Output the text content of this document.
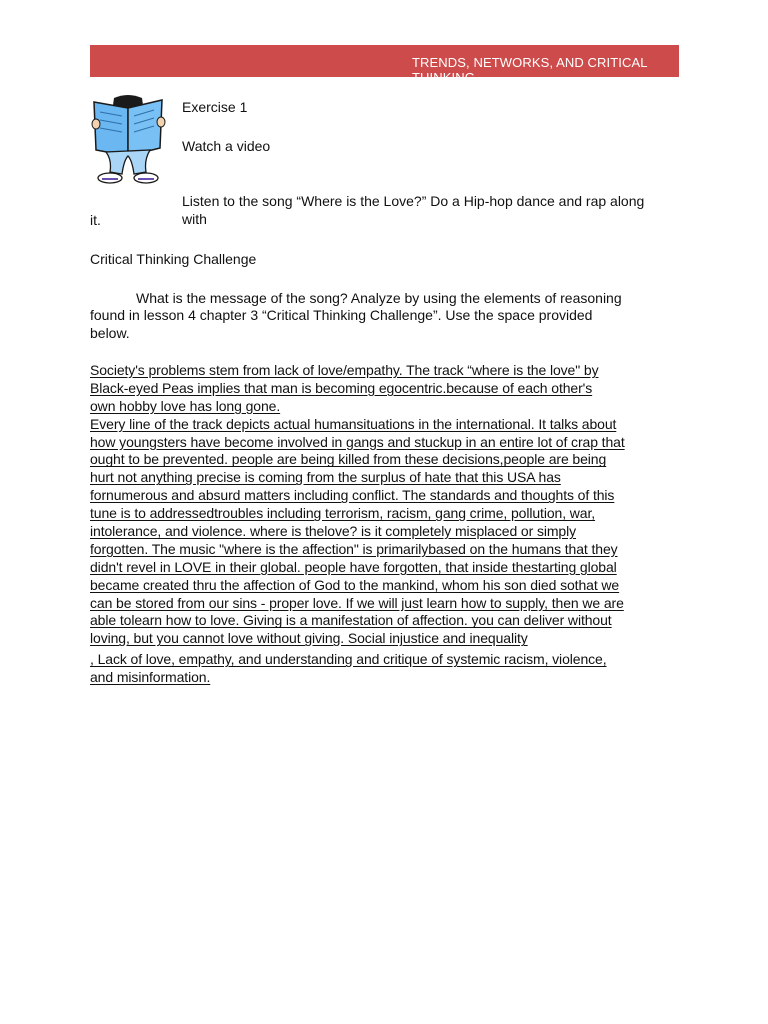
TRENDS, NETWORKS, AND CRITICAL THINKING
Exercise 1
Watch a video
Listen to the song “Where is the Love?” Do a Hip-hop dance and rap along
with
it.
Critical Thinking Challenge
What is the message of the song? Analyze by using the elements of reasoning
found in lesson 4 chapter 3 “Critical Thinking Challenge”. Use the space provided
below.
Society's problems stem from lack of love/empathy. The track “where is the love" by
Black-eyed Peas implies that man is becoming egocentric.because of each other's
own hobby love has long gone.
Every line of the track depicts actual humansituations in the international. It talks about
how youngsters have become involved in gangs and stuckup in an entire lot of crap that
ought to be prevented. people are being killed from these decisions,people are being
hurt not anything precise is coming from the surplus of hate that this USA has
fornumerous and absurd matters including conflict. The standards and thoughts of this
tune is to addressedtroubles including terrorism, racism, gang crime, pollution, war,
intolerance, and violence. where is thelove? is it completely misplaced or simply
forgotten. The music "where is the affection" is primarilybased on the humans that they
didn't revel in LOVE in their global. people have forgotten, that inside thestarting global
became created thru the affection of God to the mankind, whom his son died sothat we
can be stored from our sins - proper love. If we will just learn how to supply, then we are
able tolearn how to love. Giving is a manifestation of affection. you can deliver without
loving, but you cannot love without giving. Social injustice and inequality
, Lack of love, empathy, and understanding and critique of systemic racism, violence,
and misinformation.
